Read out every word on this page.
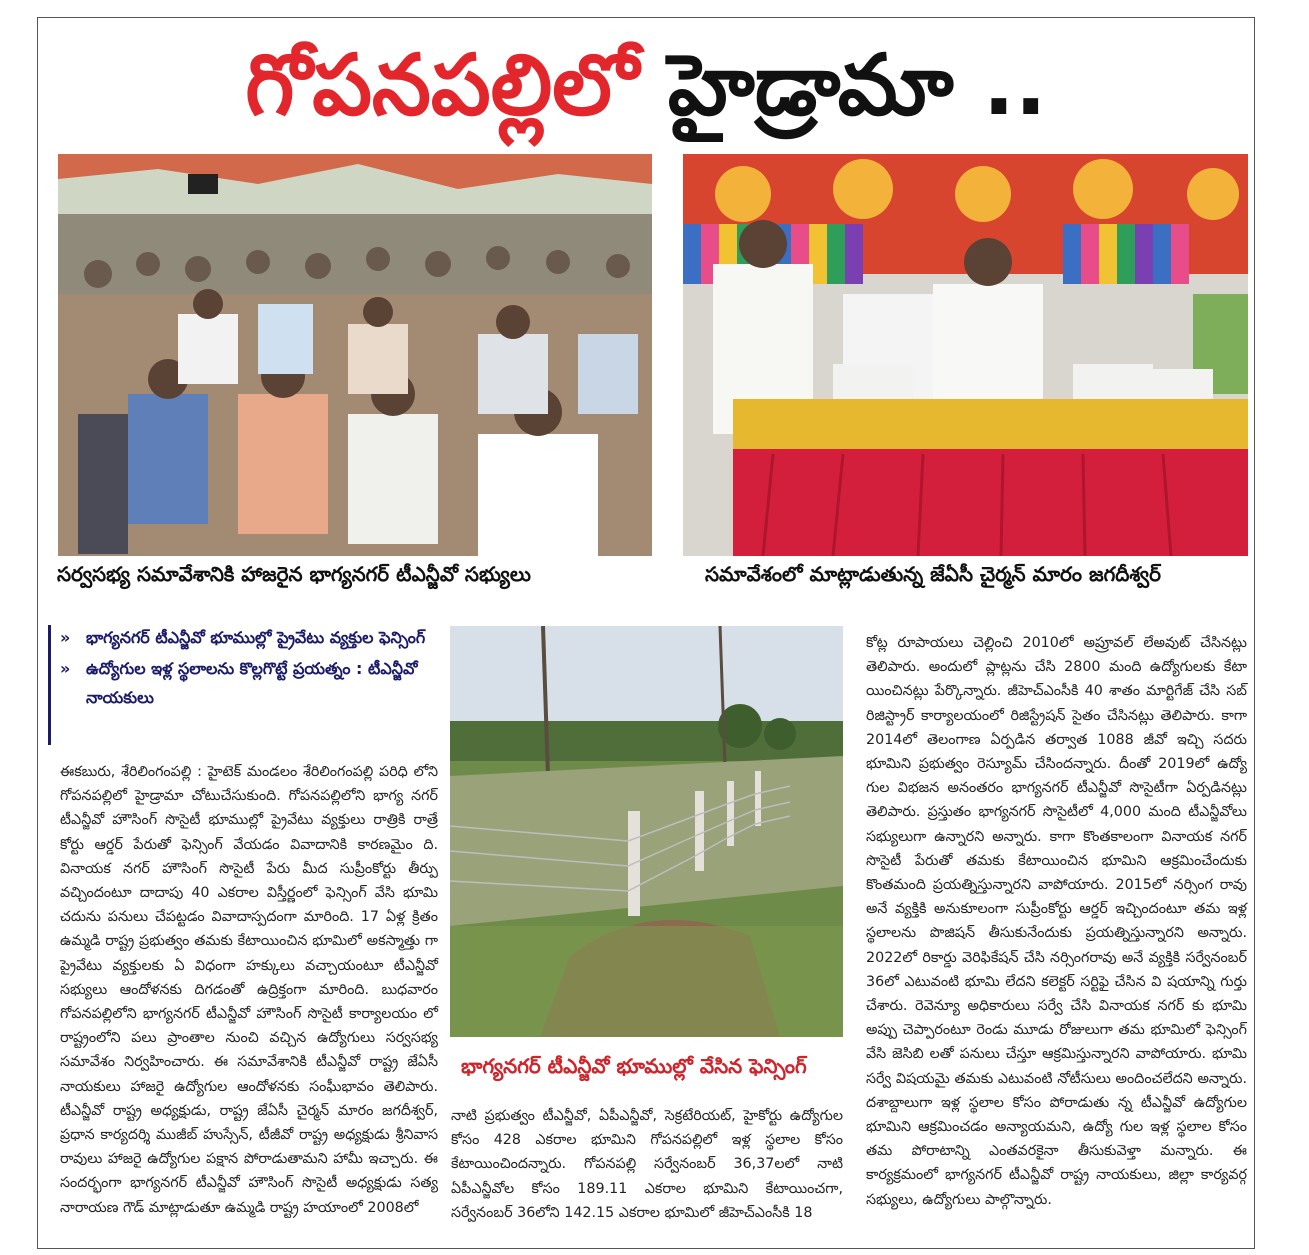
గోపనపల్లిలో హైడ్రామా ..
సర్వసభ్య సమావేశానికి హాజరైన భాగ్యనగర్ టీఎన్జీవో సభ్యులు	సమావేశంలో మాట్లాడుతున్న జేఏసీ చైర్మన్ మారం జగదీశ్వర్
» భాగ్యనగర్ టీఎన్జీవో భూముల్లో ప్రైవేటు వ్యక్తుల ఫెన్సింగ్
» ఉద్యోగుల ఇళ్ల స్థలాలను కొల్లగొట్టే ప్రయత్నం : టీఎన్జీవో నాయకులు
భాగ్యనగర్ టీఎన్జీవో భూముల్లో వేసిన ఫెన్సింగ్

ఈకబురు, శేరిలింగంపల్లి : హైటెక్ మండలం శేరిలింగంపల్లి పరిధి లోని గోపనపల్లిలో హైడ్రామా చోటుచేసుకుంది. గోపనపల్లిలోని భాగ్య నగర్ టీఎన్జీవో హౌసింగ్ సొసైటీ భూముల్లో ప్రైవేటు వ్యక్తులు రాత్రికి రాత్రే కోర్టు ఆర్డర్ పేరుతో ఫెన్సింగ్ వేయడం వివాదానికి కారణమైం ది. వినాయక నగర్ హౌసింగ్ సొసైటీ పేరు మీద సుప్రీంకోర్టు తీర్పు వచ్చిందంటూ దాదాపు 40 ఎకరాల విస్తీర్ణంలో ఫెన్సింగ్ వేసి భూమి చదును పనులు చేపట్టడం వివాదాస్పదంగా మారింది. 17 ఏళ్ల క్రితం ఉమ్మడి రాష్ట్ర ప్రభుత్వం తమకు కేటాయించిన భూమిలో అకస్మాత్తు గా ప్రైవేటు వ్యక్తులకు ఏ విధంగా హక్కులు వచ్చాయంటూ టీఎన్జీవో సభ్యులు ఆందోళనకు దిగడంతో ఉద్రిక్తంగా మారింది. బుధవారం గోపనపల్లిలోని భాగ్యనగర్ టీఎన్జీవో హౌసింగ్ సొసైటీ కార్యాలయం లో రాష్ట్రంలోని పలు ప్రాంతాల నుంచి వచ్చిన ఉద్యోగులు సర్వసభ్య సమావేశం నిర్వహించారు. ఈ సమావేశానికి టీఎన్జీవో రాష్ట్ర జేఏసీ నాయకులు హాజరై ఉద్యోగుల ఆందోళనకు సంఘీభావం తెలిపారు. టీఎన్జీవో రాష్ట్ర అధ్యక్షుడు, రాష్ట్ర జేఏసీ చైర్మన్ మారం జగదీశ్వర్, ప్రధాన కార్యదర్శి ముజీబ్ హుస్సేన్, టీజీవో రాష్ట్ర అధ్యక్షుడు శ్రీనివాస రావులు హాజరై ఉద్యోగుల పక్షాన పోరాడుతామని హామీ ఇచ్చారు. ఈ సందర్భంగా భాగ్యనగర్ టీఎన్జీవో హౌసింగ్ సొసైటీ అధ్యక్షుడు సత్య నారాయణ గౌడ్ మాట్లాడుతూ ఉమ్మడి రాష్ట్ర హయాంలో 2008లో

నాటి ప్రభుత్వం టీఎన్జీవో, ఏపీఎన్జీవో, సెక్రటేరియట్, హైకోర్టు ఉద్యోగుల కోసం 428 ఎకరాల భూమిని గోపనపల్లిలో ఇళ్ల స్థలాల కోసం కేటాయించిందన్నారు. గోపనపల్లి సర్వేనంబర్ 36,37లలో నాటి ఏపీఎన్జీవోల కోసం 189.11 ఎకరాల భూమిని కేటాయించగా, సర్వేనంబర్ 36లోని 142.15 ఎకరాల భూమిలో జీహెచ్ఎంసీకి 18

కోట్ల రూపాయలు చెల్లించి 2010లో అప్రూవల్ లేఅవుట్ చేసినట్లు తెలిపారు. అందులో ప్లాట్లను చేసి 2800 మంది ఉద్యోగులకు కేటా యించినట్లు పేర్కొన్నారు. జీహెచ్ఎంసీకి 40 శాతం మార్టిగేజ్ చేసి సబ్ రిజిస్ట్రార్ కార్యాలయంలో రిజిస్ట్రేషన్ సైతం చేసినట్లు తెలిపారు. కాగా 2014లో తెలంగాణ ఏర్పడిన తర్వాత 1088 జీవో ఇచ్చి సదరు భూమిని ప్రభుత్వం రెస్యూమ్ చేసిందన్నారు. దీంతో 2019లో ఉద్యో గుల విభజన అనంతరం భాగ్యనగర్ టీఎన్జీవో సొసైటీగా ఏర్పడినట్లు తెలిపారు. ప్రస్తుతం భాగ్యనగర్ సొసైటీలో 4,000 మంది టీఎన్జీవోలు సభ్యులుగా ఉన్నారని అన్నారు. కాగా కొంతకాలంగా వినాయక నగర్ సొసైటీ పేరుతో తమకు కేటాయించిన భూమిని ఆక్రమించేందుకు కొంతమంది ప్రయత్నిస్తున్నారని వాపోయారు. 2015లో నర్సింగ రావు అనే వ్యక్తికి అనుకూలంగా సుప్రీంకోర్టు ఆర్డర్ ఇచ్చిందంటూ తమ ఇళ్ల స్థలాలను పొజిషన్ తీసుకునేందుకు ప్రయత్నిస్తున్నారని అన్నారు. 2022లో రికార్డు వెరిఫికేషన్ చేసి నర్సింగరావు అనే వ్యక్తికి సర్వేనంబర్ 36లో ఎటువంటి భూమి లేదని కలెక్టర్ సర్టిఫై చేసిన వి షయాన్ని గుర్తు చేశారు. రెవెన్యూ అధికారులు సర్వే చేసి వినాయక నగర్ కు భూమి అప్పు చెప్పారంటూ రెండు మూడు రోజులుగా తమ భూమిలో ఫెన్సింగ్ వేసి జెసిబి లతో పనులు చేస్తూ ఆక్రమిస్తున్నారని వాపోయారు. భూమి సర్వే విషయమై తమకు ఎటువంటి నోటీసులు అందించలేదని అన్నారు. దశాబ్దాలుగా ఇళ్ల స్థలాల కోసం పోరాడుతు న్న టీఎన్జీవో ఉద్యోగుల భూమిని ఆక్రమించడం అన్యాయమని, ఉద్యో గుల ఇళ్ల స్థలాల కోసం తమ పోరాటాన్ని ఎంతవరకైనా తీసుకువెళ్తా మన్నారు. ఈ కార్యక్రమంలో భాగ్యనగర్ టీఎన్జీవో రాష్ట్ర నాయకులు, జిల్లా కార్యవర్గ సభ్యులు, ఉద్యోగులు పాల్గొన్నారు.
